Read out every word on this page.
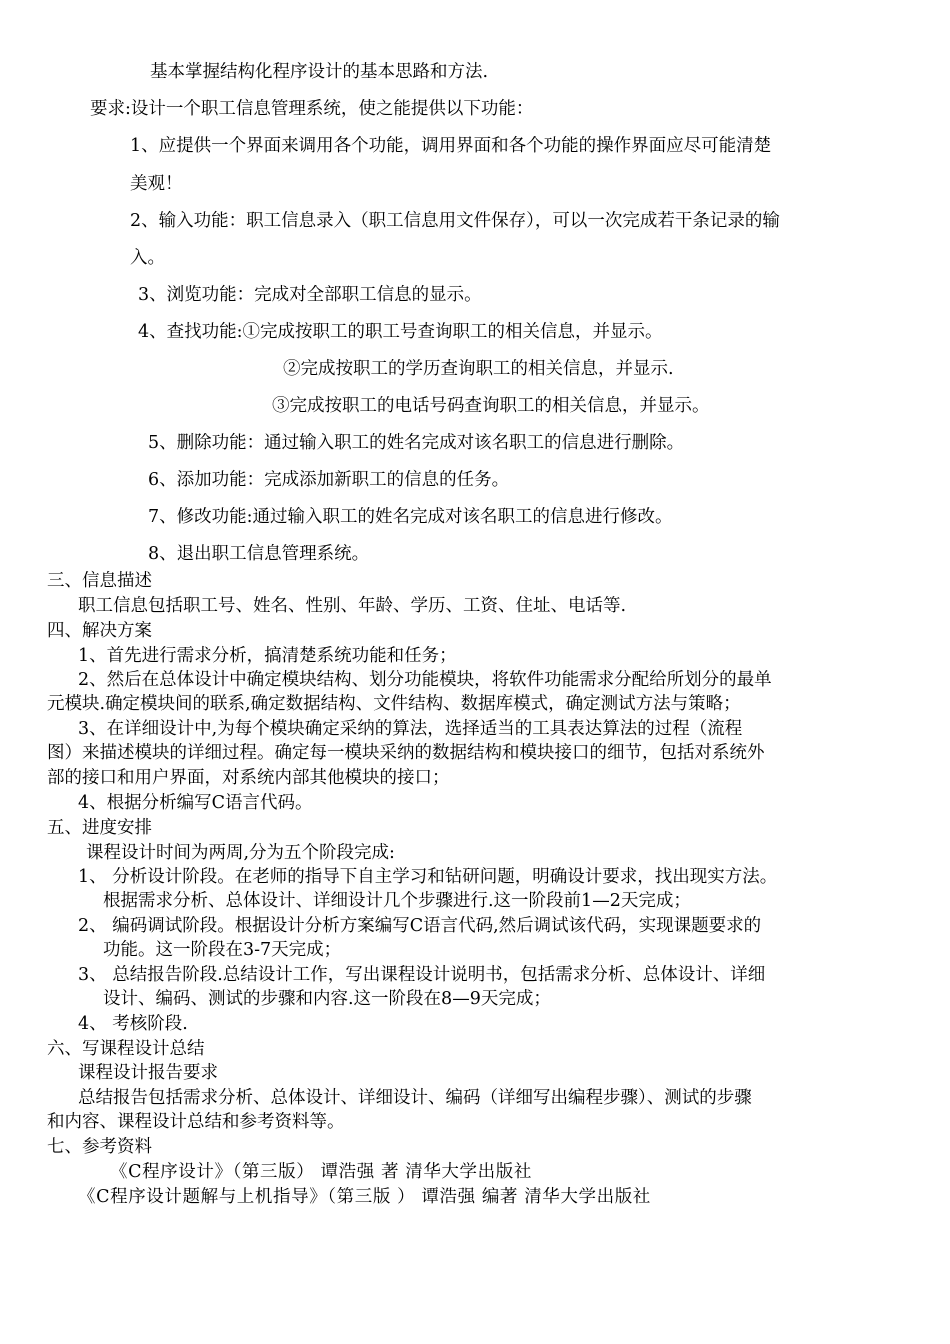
基本掌握结构化程序设计的基本思路和方法.
要求:设计一个职工信息管理系统，使之能提供以下功能：
1、应提供一个界面来调用各个功能，调用界面和各个功能的操作界面应尽可能清楚
美观！
2、输入功能：职工信息录入（职工信息用文件保存），可以一次完成若干条记录的输
入。
3、浏览功能：完成对全部职工信息的显示。
4、查找功能:①完成按职工的职工号查询职工的相关信息，并显示。
②完成按职工的学历查询职工的相关信息，并显示.
③完成按职工的电话号码查询职工的相关信息，并显示。
5、删除功能：通过输入职工的姓名完成对该名职工的信息进行删除。
6、添加功能：完成添加新职工的信息的任务。
7、修改功能:通过输入职工的姓名完成对该名职工的信息进行修改。
8、退出职工信息管理系统。
三、信息描述
职工信息包括职工号、姓名、性别、年龄、学历、工资、住址、电话等.
四、解决方案
1、首先进行需求分析，搞清楚系统功能和任务；
2、然后在总体设计中确定模块结构、划分功能模块，将软件功能需求分配给所划分的最单
元模块.确定模块间的联系,确定数据结构、文件结构、数据库模式，确定测试方法与策略；
3、在详细设计中,为每个模块确定采纳的算法，选择适当的工具表达算法的过程（流程
图）来描述模块的详细过程。确定每一模块采纳的数据结构和模块接口的细节，包括对系统外
部的接口和用户界面，对系统内部其他模块的接口；
4、根据分析编写C语言代码。
五、进度安排
课程设计时间为两周,分为五个阶段完成:
1、 分析设计阶段。在老师的指导下自主学习和钻研问题，明确设计要求，找出现实方法。
根据需求分析、总体设计、详细设计几个步骤进行.这一阶段前1—2天完成；
2、 编码调试阶段。根据设计分析方案编写C语言代码,然后调试该代码，实现课题要求的
功能。这一阶段在3-7天完成；
3、 总结报告阶段.总结设计工作，写出课程设计说明书，包括需求分析、总体设计、详细
设计、编码、测试的步骤和内容.这一阶段在8—9天完成；
4、 考核阶段.
六、写课程设计总结
课程设计报告要求
总结报告包括需求分析、总体设计、详细设计、编码（详细写出编程步骤）、测试的步骤
和内容、课程设计总结和参考资料等。
七、参考资料
《C程序设计》（第三版） 谭浩强 著 清华大学出版社
《C程序设计题解与上机指导》（第三版 ） 谭浩强 编著 清华大学出版社
